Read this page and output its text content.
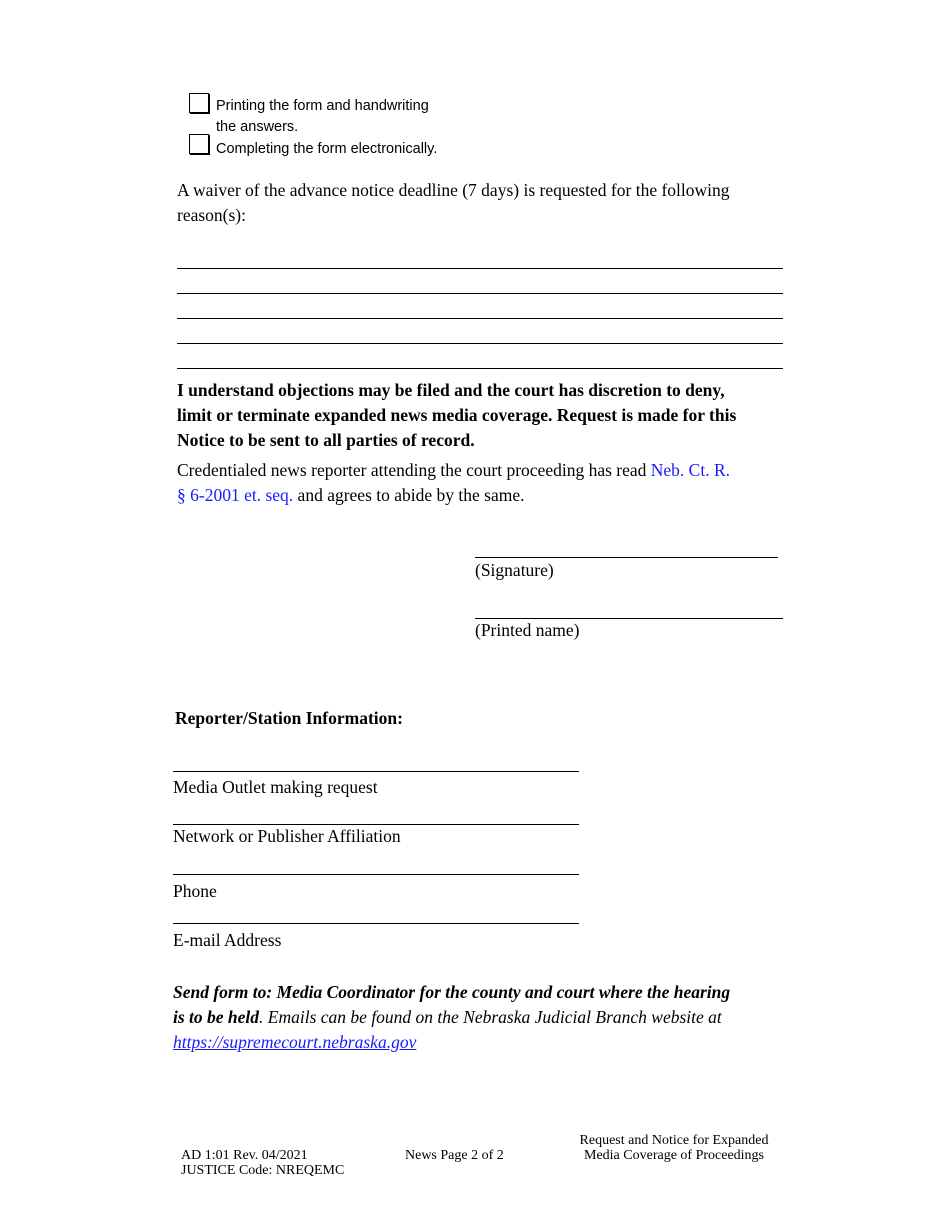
Printing the form and handwriting
the answers.
Completing the form electronically.
A waiver of the advance notice deadline (7 days) is requested for the following
reason(s):
I understand objections may be filed and the court has discretion to deny,
limit or terminate expanded news media coverage. Request is made for this
Notice to be sent to all parties of record.
Credentialed news reporter attending the court proceeding has read Neb. Ct. R.
§ 6-2001 et. seq. and agrees to abide by the same.
(Signature)
(Printed name)
Reporter/Station Information:
Media Outlet making request
Network or Publisher Affiliation
Phone
E-mail Address
Send form to: Media Coordinator for the county and court where the hearing
is to be held. Emails can be found on the Nebraska Judicial Branch website at
https://supremecourt.nebraska.gov
AD 1:01 Rev. 04/2021
JUSTICE Code: NREQEMC
News Page 2 of 2
Request and Notice for Expanded
Media Coverage of Proceedings
